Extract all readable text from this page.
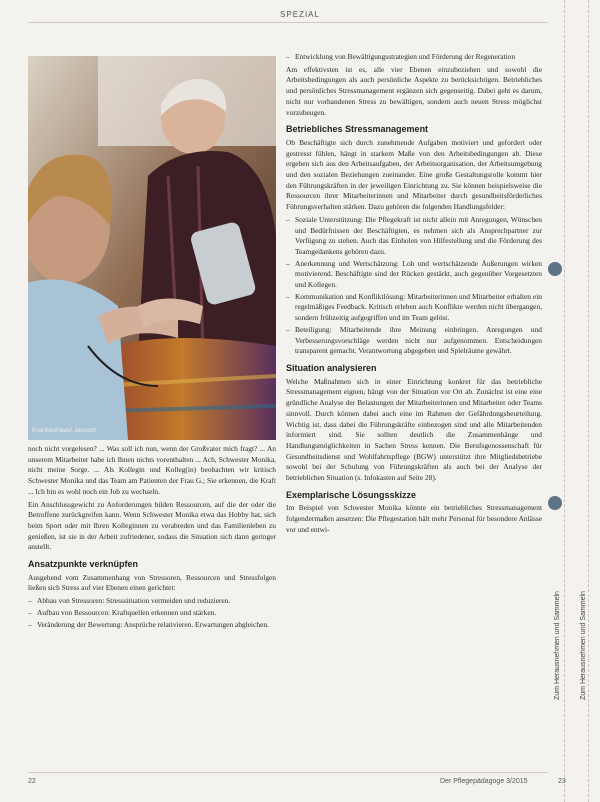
SPEZIAL
Krankenhaus/ Jaresch

noch nicht vorgelesen? ... Was soll ich nun, wenn der Großvater mich fragt? ... An unserem Mitarbeiter habe ich Ihnen nichts vorenthalten ... Ach, Schwester Monika, nicht meine Sorge. ... Als Kollegin und Kolleg(in) beobachten wir kritisch Schwester Monika und das Team am Patienten der Frau G.; Sie erkennen, die Kraft ... Ich bin es wohl noch ein Job zu wechseln.

Ein Anschlussgewicht zu Anforderungen bilden Ressourcen, auf die der oder die Betroffene zurückgreifen kann. Wenn Schwester Monika etwa das Hobby hat, sich beim Sport oder mit Ihren Kolleginnen zu verabreden und das Familienleben zu genießen, ist sie in der Arbeit zufriedener, sodass die Situation sich dann geringer anstellt.

Ansatzpunkte verknüpfen

Ausgehend vom Zusammenhang von Stressoren, Ressourcen und Stressfolgen ließen sich Stress auf vier Ebenen einen gerichtet:

– Abbau von Stressoren: Stresssituation vermeiden und reduzieren.
– Aufbau von Ressourcen: Kraftquellen erkennen und stärken.
– Veränderung der Bewertung: Ansprüche relativieren. Erwartungen abgleichen.
– Entwicklung von Bewältigungsstrategien und Förderung der Regeneration

Am effektivsten ist es, alle vier Ebenen einzubeziehen und sowohl die Arbeitsbedingungen als auch persönliche Aspekte zu berücksichtigen. Betriebliches und persönliches Stressmanagement ergänzen sich gegenseitig. Dabei geht es darum, nicht nur vorhandenen Stress zu bewältigen, sondern auch neuen Stress möglichst vorzubeugen.

Betriebliches Stressmanagement

Ob Beschäftigte sich durch zunehmende Aufgaben motiviert und gefordert oder gestresst fühlen, hängt in starkem Maße von den Arbeitsbedingungen ab. Diese ergeben sich aus den Arbeitsaufgaben, der Arbeitsorganisation, der Arbeitsumgebung und den sozialen Beziehungen zueinander. Eine große Gestaltungsrolle kommt hier den Führungskräften in der jeweiligen Einrichtung zu. Sie können beispielsweise die Ressourcen ihrer Mitarbeiterinnen und Mitarbeiter durch gesundheitsförderliches Führungsverhalten stärken. Dazu gehören die folgenden Handlungsfelder:

– Soziale Unterstützung: Die Pflegekraft ist nicht allein mit Anregungen, Wünschen und Bedürfnissen der Beschäftigten, es nehmen sich als Ansprechpartner zur Verfügung zu stehen. Auch das Einholen von Hilfestellung und die Förderung des Teamgedankens gehören dazu.
– Anerkennung und Wertschätzung: Lob und wertschätzende Äußerungen wirken motivierend. Beschäftigte sind der Rücken gestärkt, auch gegenüber Vorgesetzten und Kollegen.
– Kommunikation und Konfliktlösung: Mitarbeiterinnen und Mitarbeiter erhalten ein regelmäßiges Feedback. Kritisch erleben auch Konflikte werden nicht übergangen, sondern frühzeitig aufgegriffen und im Team gelöst.
– Beteiligung: Mitarbeitende ihre Meinung einbringen. Anregungen und Verbesserungsvorschläge werden nicht nur aufgenommen. Entscheidungen transparent gemacht. Verantwortung abgegeben und Spielräume gewährt.
Situation analysieren

Welche Maßnahmen sich in einer Einrichtung konkret für das betriebliche Stressmanagement eignen, hängt von der Situation vor Ort ab. Zunächst ist eine eine gründliche Analyse der Belastungen der Mitarbeiterinnen und Mitarbeiter oder Teams sinnvoll. Durch können dabei auch eine im Rahmen der Gefährdungsbeurteilung. Wichtig ist, dass dabei die Führungskräfte einbezogen sind und alle Mitarbeitenden informiert sind. Sie sollten deutlich die Zusammenhänge und Handlungsmöglichkeiten in Sachen Stress kennen. Die Berufsgenossenschaft für Gesundheitsdienst und Wohlfahrtspflege (BGW) unterstützt ihre Mitgliedsbetriebe sowohl bei der Schulung von Führungskräften als auch bei der Analyse der betrieblichen Situation (s. Infokasten auf Seite 28).

Exemplarische Lösungsskizze

Im Beispiel von Schwester Monika könnte ein betriebliches Stressmanagement folgendermaßen ansetzen: Die Pflegestation hält mehr Personal für besondere Anlässe vor und entwi-

Zum Herausnehmen und Sammeln	Zum Herausnehmen und Sammeln
22	Der Pflegepädagoge 3/2015	23
